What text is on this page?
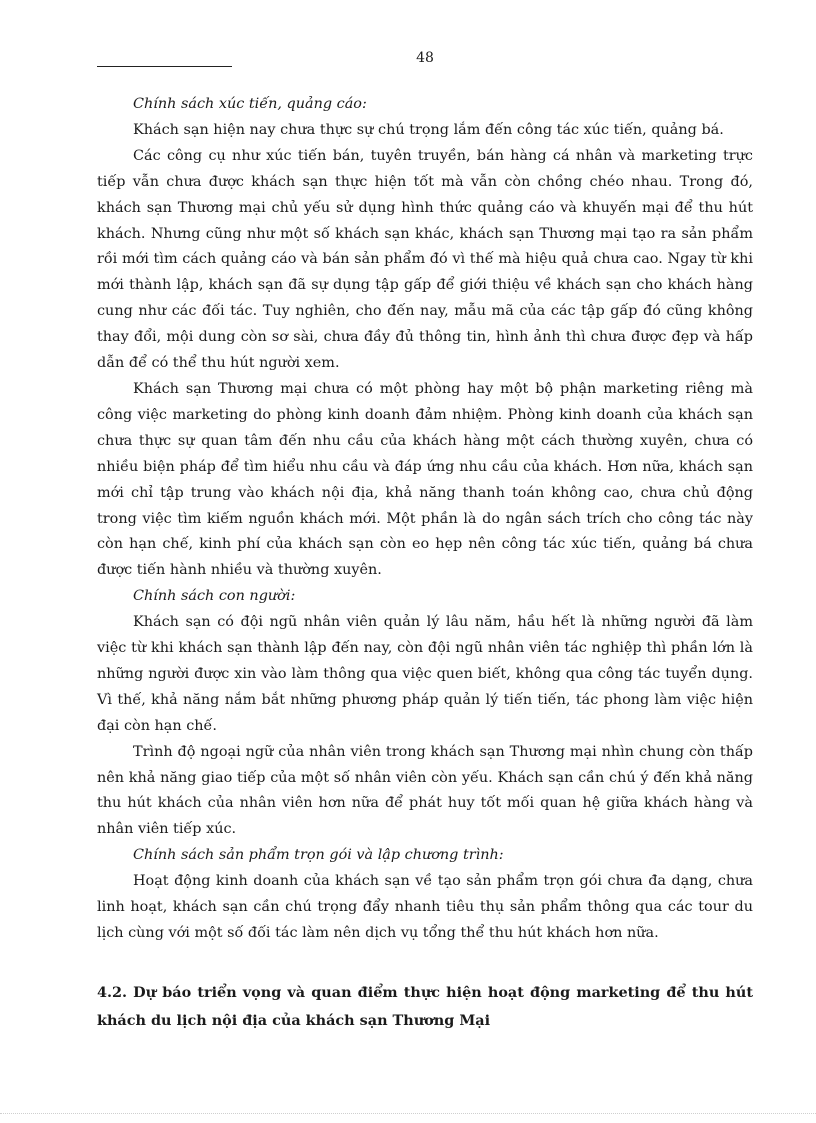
48

Chính sách xúc tiến, quảng cáo:

Khách sạn hiện nay chưa thực sự chú trọng lắm đến công tác xúc tiến, quảng bá.

Các công cụ như xúc tiến bán, tuyên truyền, bán hàng cá nhân và marketing trực tiếp vẫn chưa được khách sạn thực hiện tốt mà vẫn còn chồng chéo nhau. Trong đó, khách sạn Thương mại chủ yếu sử dụng hình thức quảng cáo và khuyến mại để thu hút khách. Nhưng cũng như một số khách sạn khác, khách sạn Thương mại tạo ra sản phẩm rồi mới tìm cách quảng cáo và bán sản phẩm đó vì thế mà hiệu quả chưa cao. Ngay từ khi mới thành lập, khách sạn đã sự dụng tập gấp để giới thiệu về khách sạn cho khách hàng cung như các đối tác. Tuy nghiên, cho đến nay, mẫu mã của các tập gấp đó cũng không thay đổi, mội dung còn sơ sài, chưa đầy đủ thông tin, hình ảnh thì chưa được đẹp và hấp dẫn để có thể thu hút người xem.

Khách sạn Thương mại chưa có một phòng hay một bộ phận marketing riêng mà công việc marketing do phòng kinh doanh đảm nhiệm. Phòng kinh doanh của khách sạn chưa thực sự quan tâm đến nhu cầu của khách hàng một cách thường xuyên, chưa có nhiều biện pháp để tìm hiểu nhu cầu và đáp ứng nhu cầu của khách. Hơn nữa, khách sạn mới chỉ tập trung vào khách nội địa, khả năng thanh toán không cao, chưa chủ động trong việc tìm kiếm nguồn khách mới. Một phần là do ngân sách trích cho công tác này còn hạn chế, kinh phí của khách sạn còn eo hẹp nên công tác xúc tiến, quảng bá chưa được tiến hành nhiều và thường xuyên.

Chính sách con người:

Khách sạn có đội ngũ nhân viên quản lý lâu năm, hầu hết là những người đã làm việc từ khi khách sạn thành lập đến nay, còn đội ngũ nhân viên tác nghiệp thì phần lớn là những người được xin vào làm thông qua việc quen biết, không qua công tác tuyển dụng. Vì thế, khả năng nắm bắt những phương pháp quản lý tiến tiến, tác phong làm việc hiện đại còn hạn chế.

Trình độ ngoại ngữ của nhân viên trong khách sạn Thương mại nhìn chung còn thấp nên khả năng giao tiếp của một số nhân viên còn yếu. Khách sạn cần chú ý đến khả năng thu hút khách của nhân viên hơn nữa để phát huy tốt mối quan hệ giữa khách hàng và nhân viên tiếp xúc.

Chính sách sản phẩm trọn gói và lập chương trình:

Hoạt động kinh doanh của khách sạn về tạo sản phẩm trọn gói chưa đa dạng, chưa linh hoạt, khách sạn cần chú trọng đẩy nhanh tiêu thụ sản phẩm thông qua các tour du lịch cùng với một số đối tác làm nên dịch vụ tổng thể thu hút khách hơn nữa.

4.2. Dự báo triển vọng và quan điểm thực hiện hoạt động marketing để thu hút khách du lịch nội địa của khách sạn Thương Mại
